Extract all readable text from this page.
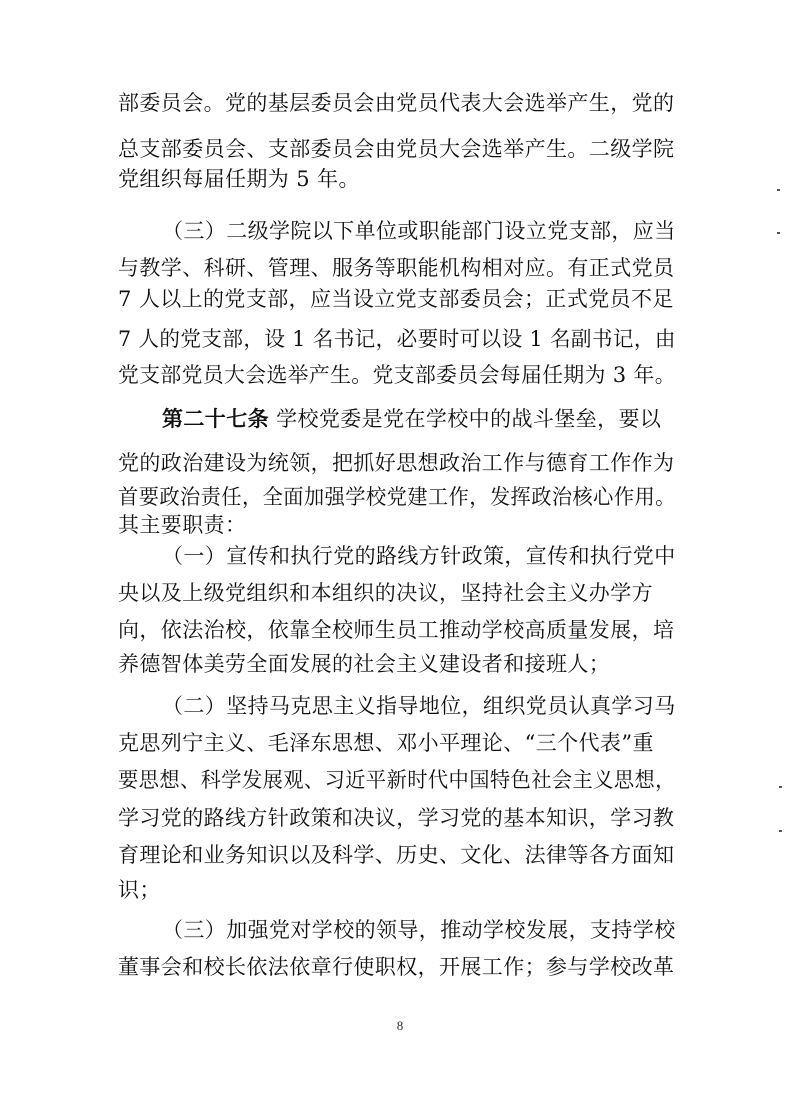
部委员会。党的基层委员会由党员代表大会选举产生，党的
总支部委员会、支部委员会由党员大会选举产生。二级学院
党组织每届任期为 5 年。
（三）二级学院以下单位或职能部门设立党支部，应当
与教学、科研、管理、服务等职能机构相对应。有正式党员
7 人以上的党支部，应当设立党支部委员会；正式党员不足
7 人的党支部，设 1 名书记，必要时可以设 1 名副书记，由
党支部党员大会选举产生。党支部委员会每届任期为 3 年。
第二十七条 学校党委是党在学校中的战斗堡垒，要以
党的政治建设为统领，把抓好思想政治工作与德育工作作为
首要政治责任，全面加强学校党建工作，发挥政治核心作用。
其主要职责：
（一）宣传和执行党的路线方针政策，宣传和执行党中
央以及上级党组织和本组织的决议，坚持社会主义办学方
向，依法治校，依靠全校师生员工推动学校高质量发展，培
养德智体美劳全面发展的社会主义建设者和接班人；
（二）坚持马克思主义指导地位，组织党员认真学习马
克思列宁主义、毛泽东思想、邓小平理论、“三个代表”重
要思想、科学发展观、习近平新时代中国特色社会主义思想，
学习党的路线方针政策和决议，学习党的基本知识，学习教
育理论和业务知识以及科学、历史、文化、法律等各方面知
识；
（三）加强党对学校的领导，推动学校发展，支持学校
董事会和校长依法依章行使职权，开展工作；参与学校改革
8
